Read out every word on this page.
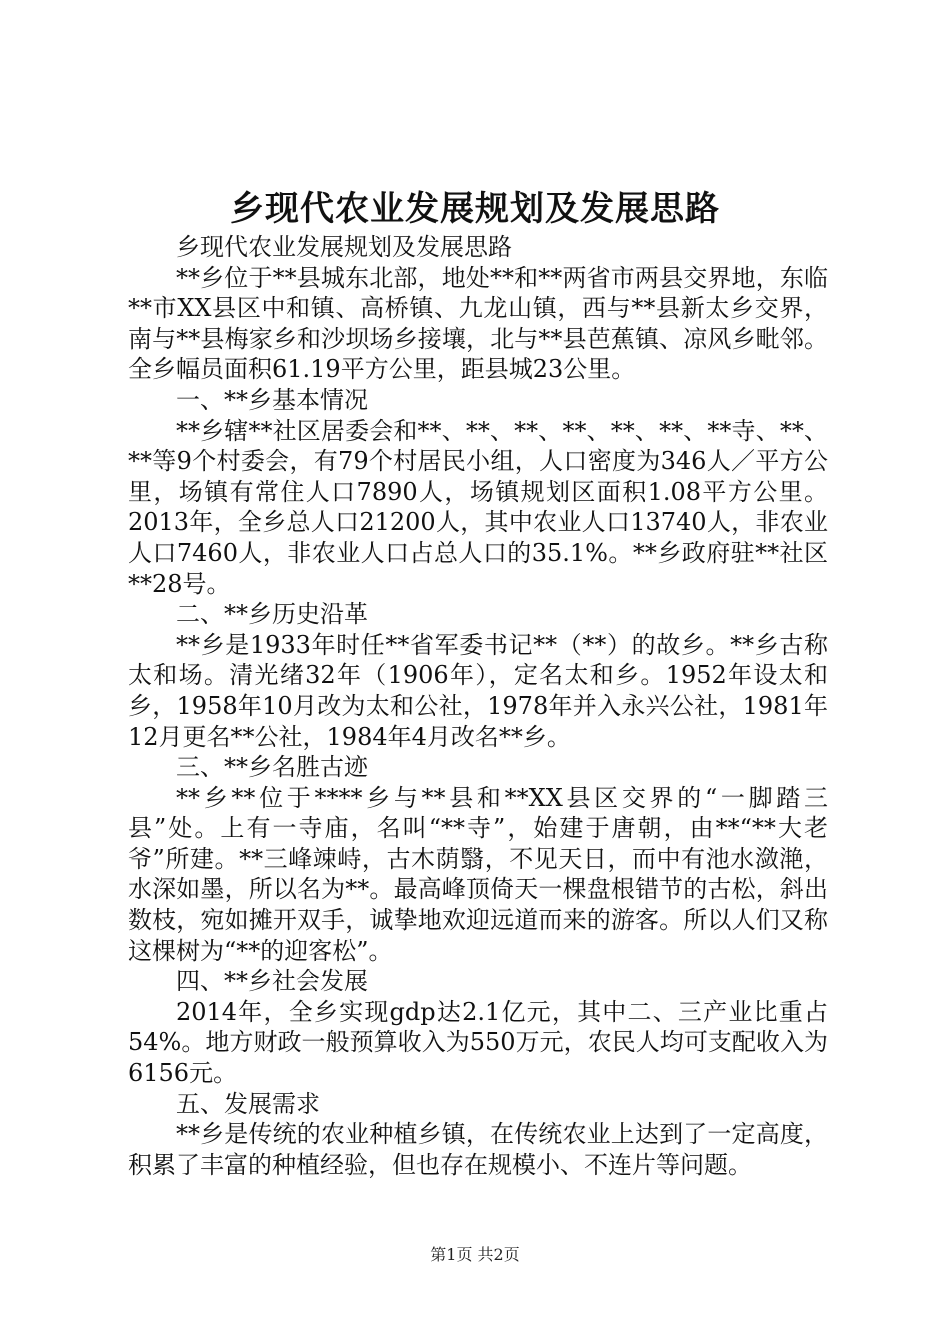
乡现代农业发展规划及发展思路

乡现代农业发展规划及发展思路

**乡位于**县城东北部，地处**和**两省市两县交界地，东临**市XX县区中和镇、高桥镇、九龙山镇，西与**县新太乡交界，南与**县梅家乡和沙坝场乡接壤，北与**县芭蕉镇、凉风乡毗邻。全乡幅员面积61.19平方公里，距县城23公里。

一、**乡基本情况

**乡辖**社区居委会和**、**、**、**、**、**、**寺、**、**等9个村委会，有79个村居民小组，人口密度为346人／平方公里，场镇有常住人口7890人，场镇规划区面积1.08平方公里。2013年，全乡总人口21200人，其中农业人口13740人，非农业人口7460人，非农业人口占总人口的35.1%。**乡政府驻**社区**28号。

二、**乡历史沿革

**乡是1933年时任**省军委书记**（**）的故乡。**乡古称太和场。清光绪32年（1906年），定名太和乡。1952年设太和乡，1958年10月改为太和公社，1978年并入永兴公社，1981年12月更名**公社，1984年4月改名**乡。

三、**乡名胜古迹

**乡**位于****乡与**县和**XX县区交界的“一脚踏三县”处。上有一寺庙，名叫“**寺”，始建于唐朝，由**“**大老爷”所建。**三峰竦峙，古木荫翳，不见天日，而中有池水潋滟，水深如墨，所以名为**。最高峰顶倚天一棵盘根错节的古松，斜出数枝，宛如摊开双手，诚挚地欢迎远道而来的游客。所以人们又称这棵树为“**的迎客松”。

四、**乡社会发展

2014年，全乡实现gdp达2.1亿元，其中二、三产业比重占54%。地方财政一般预算收入为550万元，农民人均可支配收入为6156元。

五、发展需求

**乡是传统的农业种植乡镇，在传统农业上达到了一定高度，积累了丰富的种植经验，但也存在规模小、不连片等问题。

第1页 共2页
